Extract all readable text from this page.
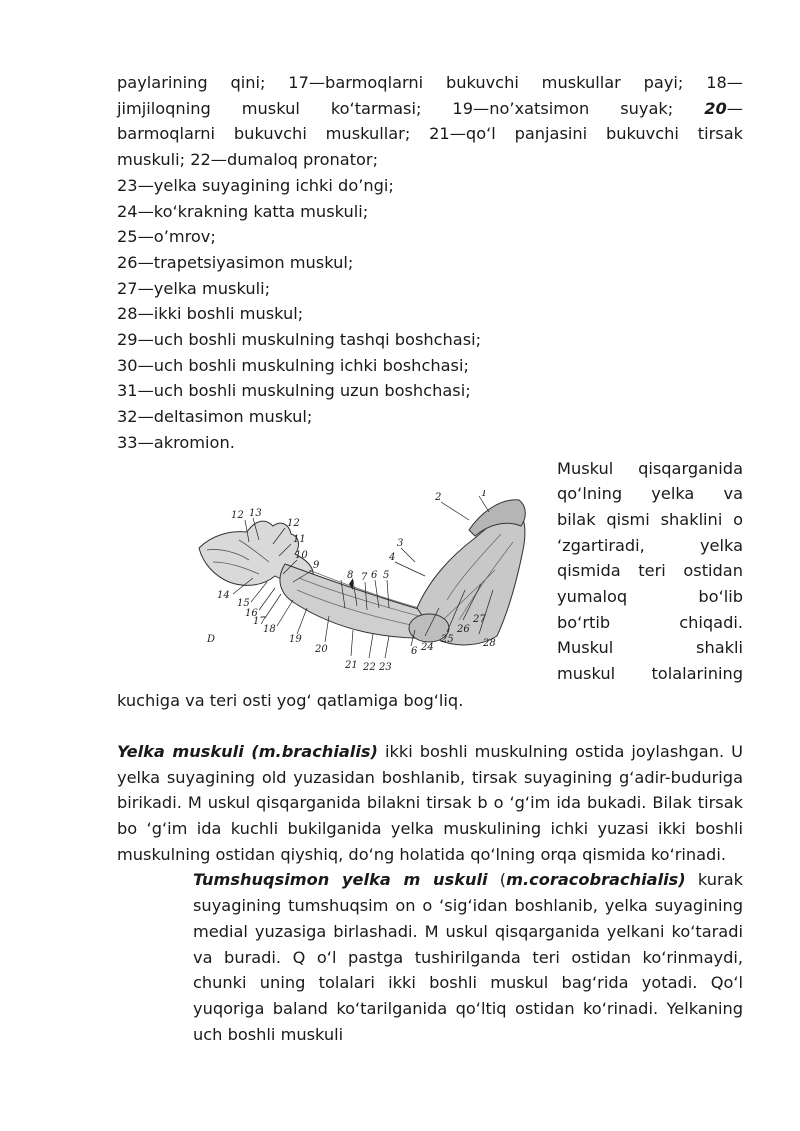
paylarining qini; 17—barmoqlarni bukuvchi muskullar payi; 18—

jimjiloqning muskul ko‘tarmasi; 19—no’xatsimon suyak; 20—

barmoqlarni bukuvchi muskullar; 21—qo‘l panjasini bukuvchi tirsak

muskuli; 22—dumaloq pronator;

23—yelka suyagining ichki do’ngi;

24—ko‘krakning katta muskuli;

25—o’mrov;

26—trapetsiyasimon muskul;

27—yelka muskuli;

28—ikki boshli muskul;

29—uch boshli muskulning tashqi boshchasi;

30—uch boshli muskulning ichki boshchasi;

31—uch boshli muskulning uzun boshchasi;

32—deltasimon muskul;

33—akromion.

1
2
3
4
5
6
6
7
8
9
10
11
12
12 13
14
15
16
17
18
19
20
21 22 23
24
25
26
27
28
D

Muskul qisqarganida

qo‘lning yelka va

bilak qismi shaklini o

‘zgartiradi, yelka

qismida teri ostidan

yumaloq bo‘lib

bo‘rtib chiqadi.

Muskul shakli

muskul tolalarining

kuchiga va teri osti yog‘ qatlamiga bog‘liq.

Yelka muskuli (m.brachialis) ikki boshli muskulning ostida joylashgan. U yelka suyagining old yuzasidan boshlanib, tirsak suyagining g‘adir-buduriga birikadi. M uskul qisqarganida bilakni tirsak b o ‘g‘im ida bukadi. Bilak tirsak bo ‘g‘im ida kuchli bukilganida yelka muskulining ichki yuzasi ikki boshli muskulning ostidan qiyshiq, do‘ng holatida qo‘lning orqa qismida ko‘rinadi.

Tumshuqsimon yelka m uskuli (m.coracobrachialis) kurak suyagining tumshuqsim on o ‘sig‘idan boshlanib, yelka suyagining medial yuzasiga birlashadi. M uskul qisqarganida yelkani ko‘taradi va buradi. Q o‘l pastga tushirilganda teri ostidan ko‘rinmaydi, chunki uning tolalari ikki boshli muskul bag‘rida yotadi. Qo‘l yuqoriga baland ko‘tarilganida qo‘ltiq ostidan ko‘rinadi. Yelkaning uch boshli muskuli
